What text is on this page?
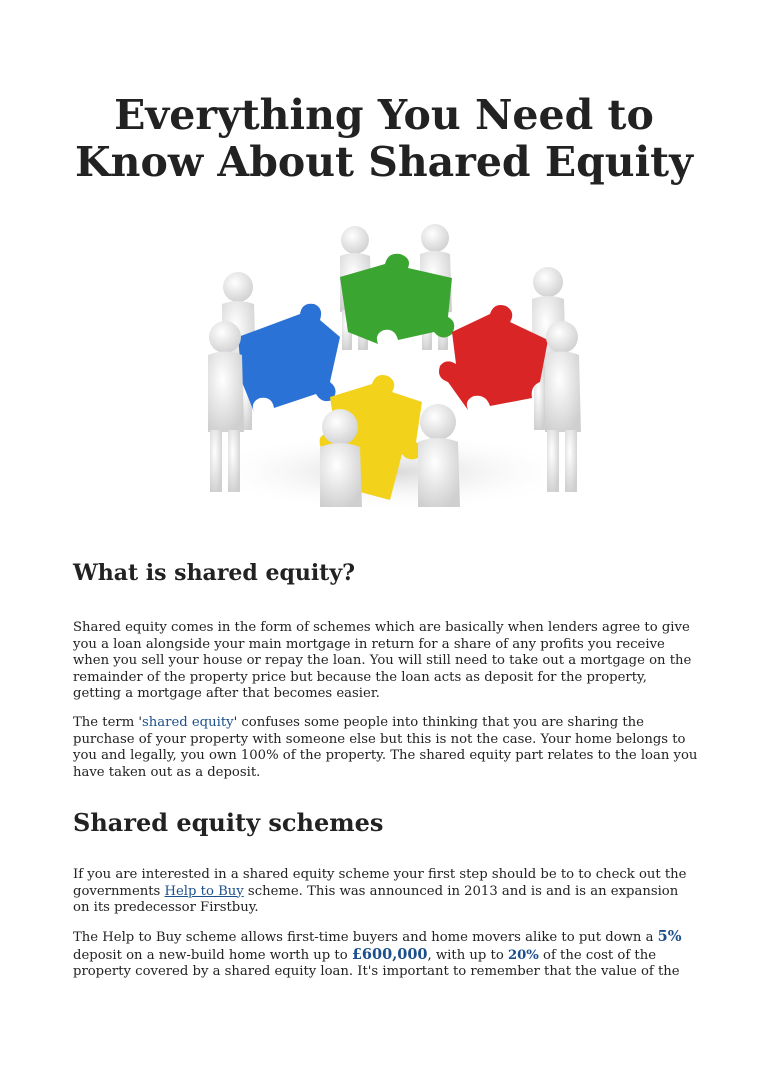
Everything You Need to
Know About Shared Equity
What is shared equity?

Shared equity comes in the form of schemes which are basically when lenders agree to give you a loan alongside your main mortgage in return for a share of any profits you receive when you sell your house or repay the loan. You will still need to take out a mortgage on the remainder of the property price but because the loan acts as deposit for the property, getting a mortgage after that becomes easier.

The term 'shared equity' confuses some people into thinking that you are sharing the purchase of your property with someone else but this is not the case. Your home belongs to you and legally, you own 100% of the property. The shared equity part relates to the loan you have taken out as a deposit.

Shared equity schemes

If you are interested in a shared equity scheme your first step should be to to check out the governments Help to Buy scheme. This was announced in 2013 and is and is an expansion on its predecessor Firstbuy.

The Help to Buy scheme allows first-time buyers and home movers alike to put down a 5% deposit on a new-build home worth up to £600,000, with up to 20% of the cost of the property covered by a shared equity loan. It's important to remember that the value of the
